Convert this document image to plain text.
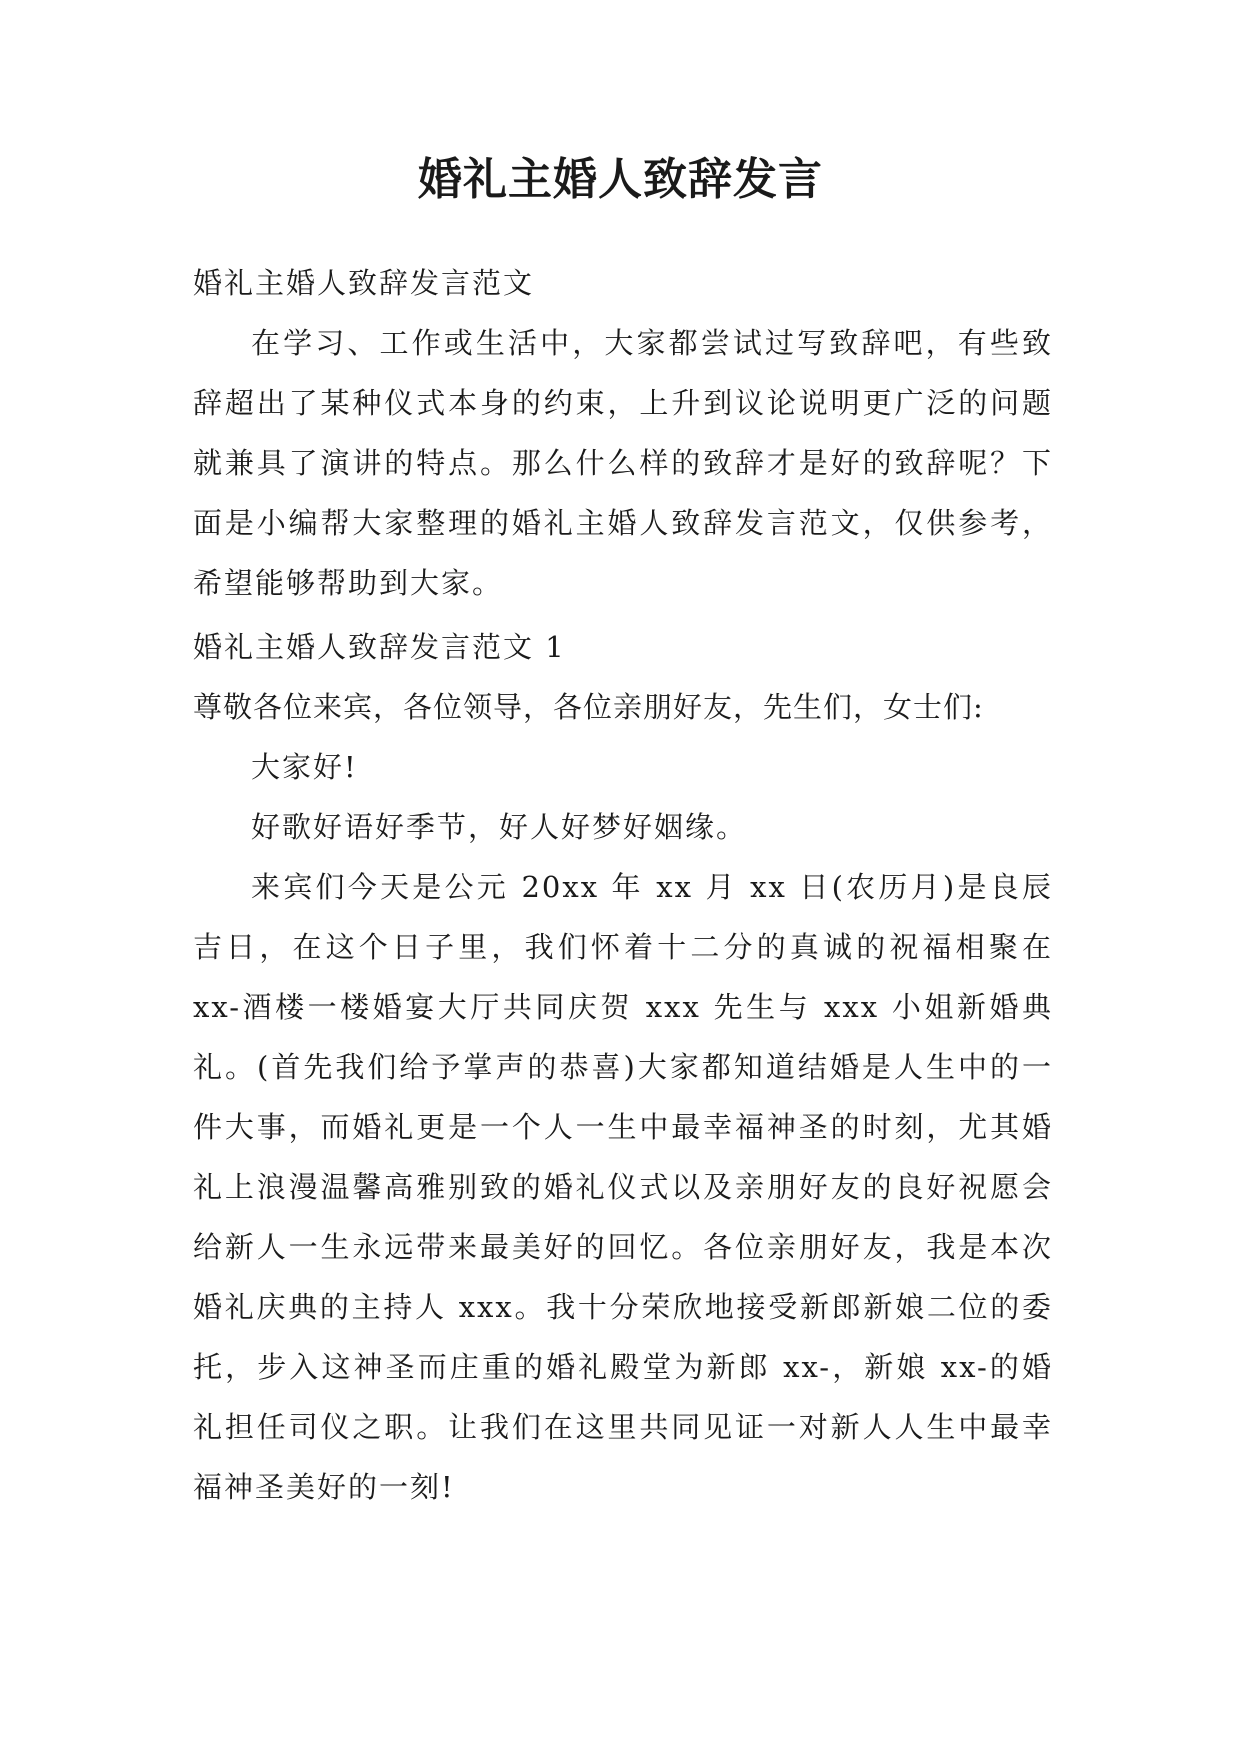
婚礼主婚人致辞发言

婚礼主婚人致辞发言范文

在学习、工作或生活中，大家都尝试过写致辞吧，有些致辞超出了某种仪式本身的约束，上升到议论说明更广泛的问题就兼具了演讲的特点。那么什么样的致辞才是好的致辞呢？下面是小编帮大家整理的婚礼主婚人致辞发言范文，仅供参考，希望能够帮助到大家。

婚礼主婚人致辞发言范文 1

尊敬各位来宾，各位领导，各位亲朋好友，先生们，女士们:

大家好!

好歌好语好季节，好人好梦好姻缘。

来宾们今天是公元 20xx 年 xx 月 xx 日(农历月)是良辰吉日，在这个日子里，我们怀着十二分的真诚的祝福相聚在 xx-酒楼一楼婚宴大厅共同庆贺 xxx 先生与 xxx 小姐新婚典礼。(首先我们给予掌声的恭喜)大家都知道结婚是人生中的一件大事，而婚礼更是一个人一生中最幸福神圣的时刻，尤其婚礼上浪漫温馨高雅别致的婚礼仪式以及亲朋好友的良好祝愿会给新人一生永远带来最美好的回忆。各位亲朋好友，我是本次婚礼庆典的主持人 xxx。我十分荣欣地接受新郎新娘二位的委托，步入这神圣而庄重的婚礼殿堂为新郎 xx-，新娘 xx-的婚礼担任司仪之职。让我们在这里共同见证一对新人人生中最幸福神圣美好的一刻!
